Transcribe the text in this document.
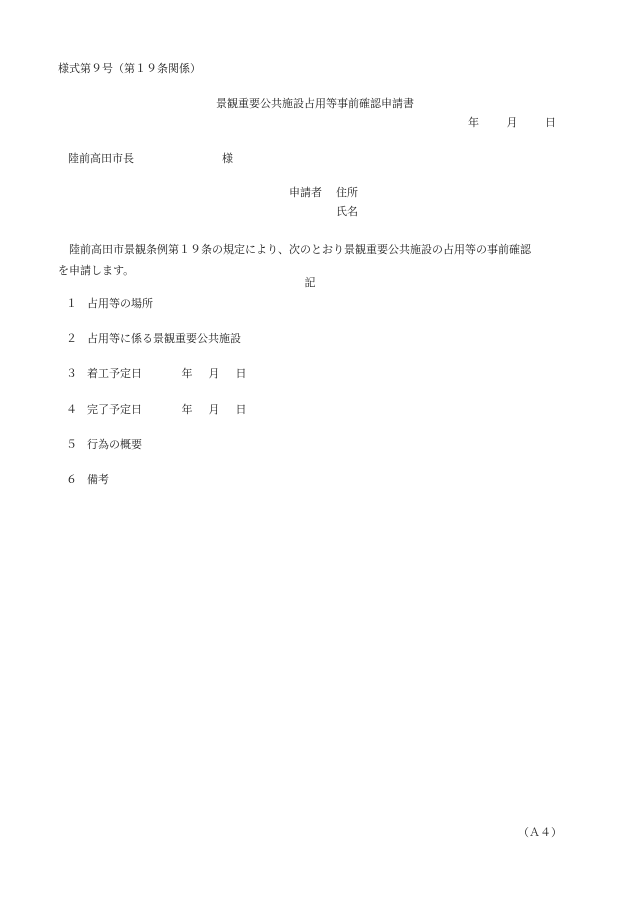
様式第９号（第１９条関係）
景観重要公共施設占用等事前確認申請書
年	月	日
陸前高田市長	様
申請者 住所
氏名
陸前高田市景観条例第１９条の規定により、次のとおり景観重要公共施設の占用等の事前確認
を申請します。
記
１ 占用等の場所
２ 占用等に係る景観重要公共施設
３ 着工予定日	年 月 日
４ 完了予定日	年 月 日
５ 行為の概要
６ 備考
（Ａ４）
